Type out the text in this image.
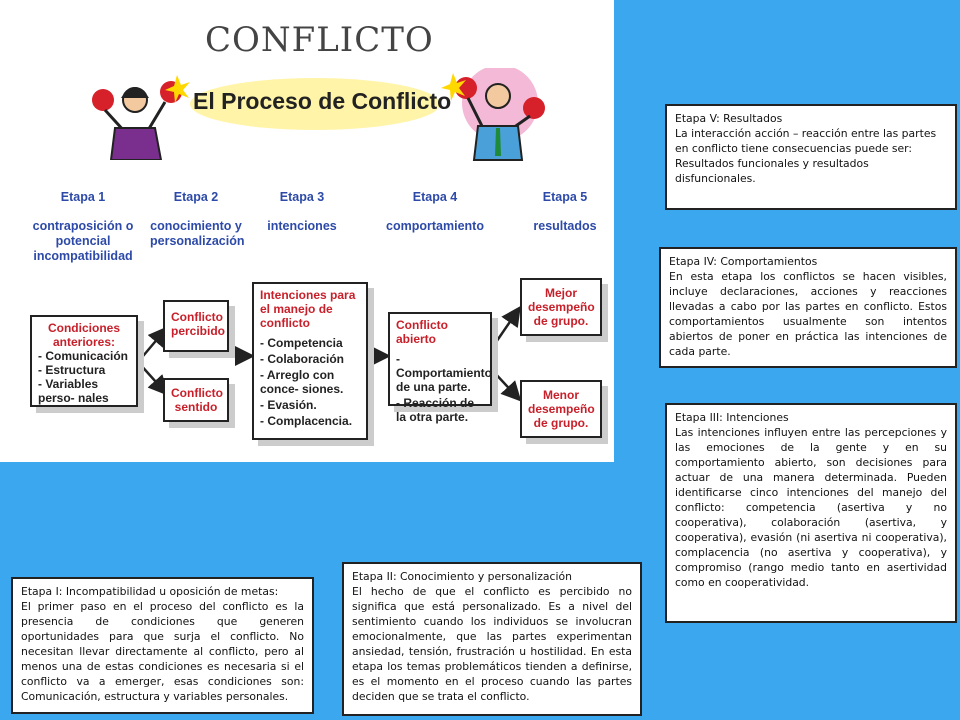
CONFLICTO
El Proceso de Conflicto
Etapa 1
contraposición o potencial incompatibilidad
Etapa 2
conocimiento y personalización
Etapa 3
intenciones
Etapa 4
comportamiento
Etapa 5
resultados
Condiciones anteriores:
- Comunicación
- Estructura
- Variables perso- nales
Conflicto percibido
Conflicto sentido
Intenciones para el manejo de conflicto
- Competencia
- Colaboración
- Arreglo con conce- siones.
- Evasión.
- Complacencia.
Conflicto abierto
- Comportamiento de una parte.
- Reacción de la otra parte.
Mejor desempeño de grupo.
Menor desempeño de grupo.
Etapa V: Resultados
La interacción acción – reacción entre las partes en conflicto tiene consecuencias puede ser: Resultados funcionales y resultados disfuncionales.
Etapa IV: Comportamientos
En esta etapa los conflictos se hacen visibles, incluye declaraciones, acciones y reacciones llevadas a cabo por las partes en conflicto. Estos comportamientos usualmente son intentos abiertos de poner en práctica las intenciones de cada parte.
Etapa III: Intenciones
Las intenciones influyen entre las percepciones y las emociones de la gente y en su comportamiento abierto, son decisiones para actuar de una manera determinada. Pueden identificarse cinco intenciones del manejo del conflicto: competencia (asertiva y no cooperativa), colaboración (asertiva, y cooperativa), evasión (ni asertiva ni cooperativa), complacencia (no asertiva y cooperativa), y compromiso (rango medio tanto en asertividad como en cooperatividad.
Etapa II: Conocimiento y personalización
El hecho de que el conflicto es percibido no significa que está personalizado. Es a nivel del sentimiento cuando los individuos se involucran emocionalmente, que las partes experimentan ansiedad, tensión, frustración u hostilidad. En esta etapa los temas problemáticos tienden a definirse, es el momento en el proceso cuando las partes deciden que se trata el conflicto.
Etapa I: Incompatibilidad u oposición de metas:
El primer paso en el proceso del conflicto es la presencia de condiciones que generen oportunidades para que surja el conflicto. No necesitan llevar directamente al conflicto, pero al menos una de estas condiciones es necesaria si el conflicto va a emerger, esas condiciones son: Comunicación, estructura y variables personales.
